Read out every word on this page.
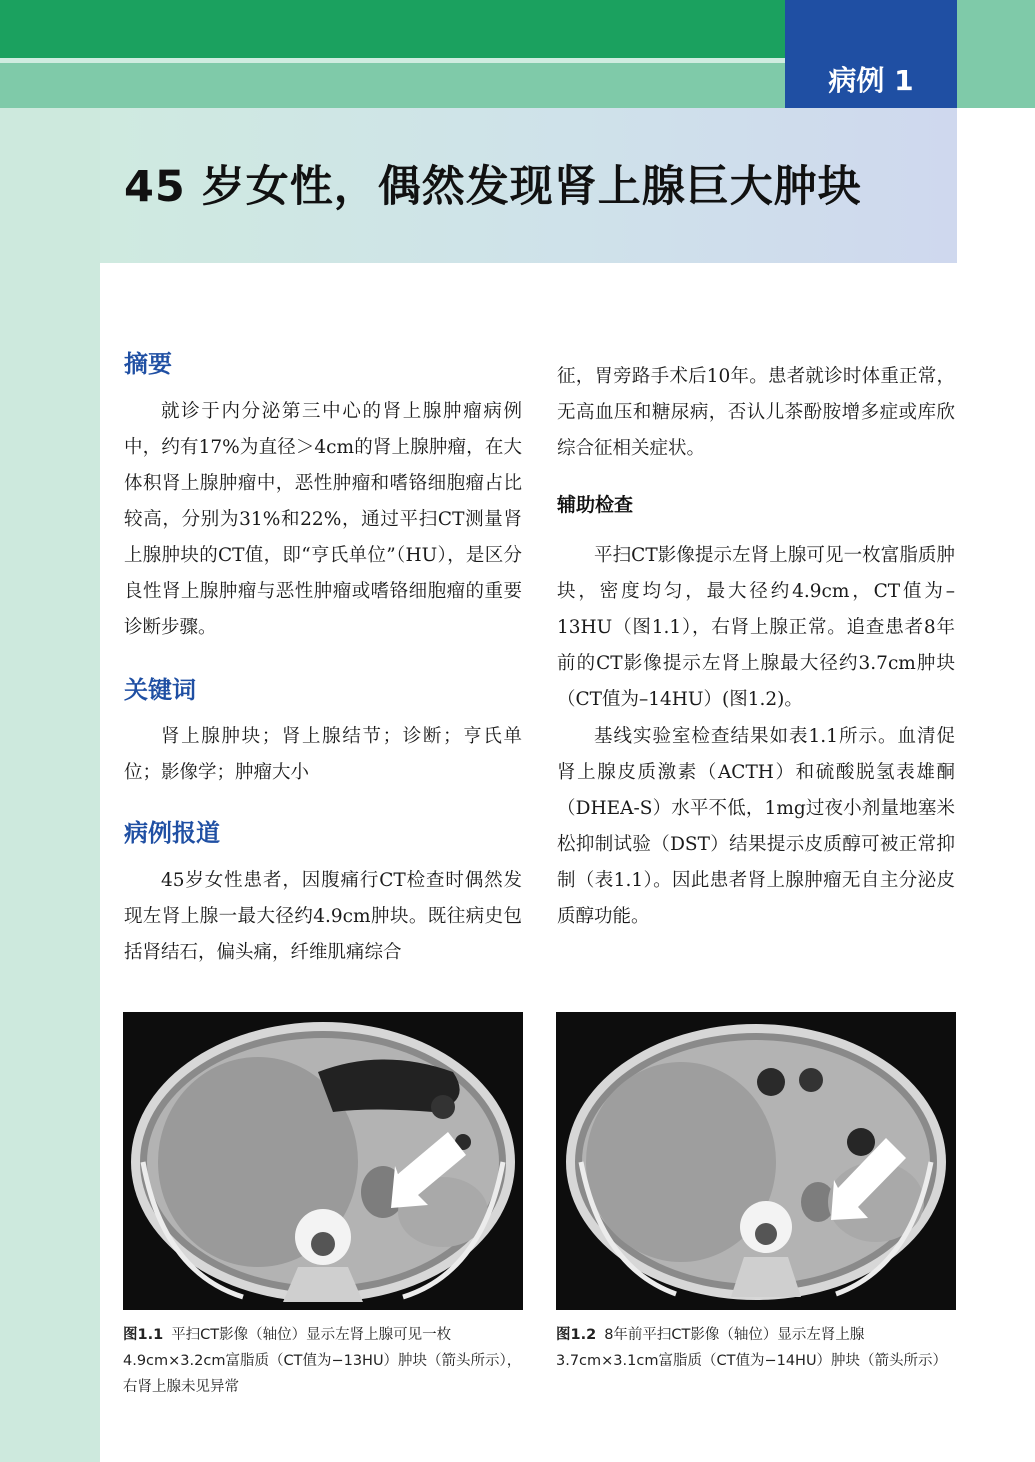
病例 1
45 岁女性，偶然发现肾上腺巨大肿块
摘要
就诊于内分泌第三中心的肾上腺肿瘤病例中，约有17%为直径＞4cm的肾上腺肿瘤，在大体积肾上腺肿瘤中，恶性肿瘤和嗜铬细胞瘤占比较高，分别为31%和22%，通过平扫CT测量肾上腺肿块的CT值，即“亨氏单位”（HU），是区分良性肾上腺肿瘤与恶性肿瘤或嗜铬细胞瘤的重要诊断步骤。
关键词
肾上腺肿块；肾上腺结节；诊断；亨氏单位；影像学；肿瘤大小
病例报道
45岁女性患者，因腹痛行CT检查时偶然发现左肾上腺一最大径约4.9cm肿块。既往病史包括肾结石，偏头痛，纤维肌痛综合
征，胃旁路手术后10年。患者就诊时体重正常，无高血压和糖尿病，否认儿茶酚胺增多症或库欣综合征相关症状。
辅助检查
平扫CT影像提示左肾上腺可见一枚富脂质肿块，密度均匀，最大径约4.9cm，CT值为–13HU（图1.1），右肾上腺正常。追查患者8年前的CT影像提示左肾上腺最大径约3.7cm肿块（CT值为–14HU）(图1.2)。
基线实验室检查结果如表1.1所示。血清促肾上腺皮质激素（ACTH）和硫酸脱氢表雄酮（DHEA-S）水平不低，1mg过夜小剂量地塞米松抑制试验（DST）结果提示皮质醇可被正常抑制（表1.1）。因此患者肾上腺肿瘤无自主分泌皮质醇功能。
图1.1 平扫CT影像（轴位）显示左肾上腺可见一枚4.9cm×3.2cm富脂质（CT值为−13HU）肿块（箭头所示），右肾上腺未见异常
图1.2 8年前平扫CT影像（轴位）显示左肾上腺3.7cm×3.1cm富脂质（CT值为−14HU）肿块（箭头所示）
